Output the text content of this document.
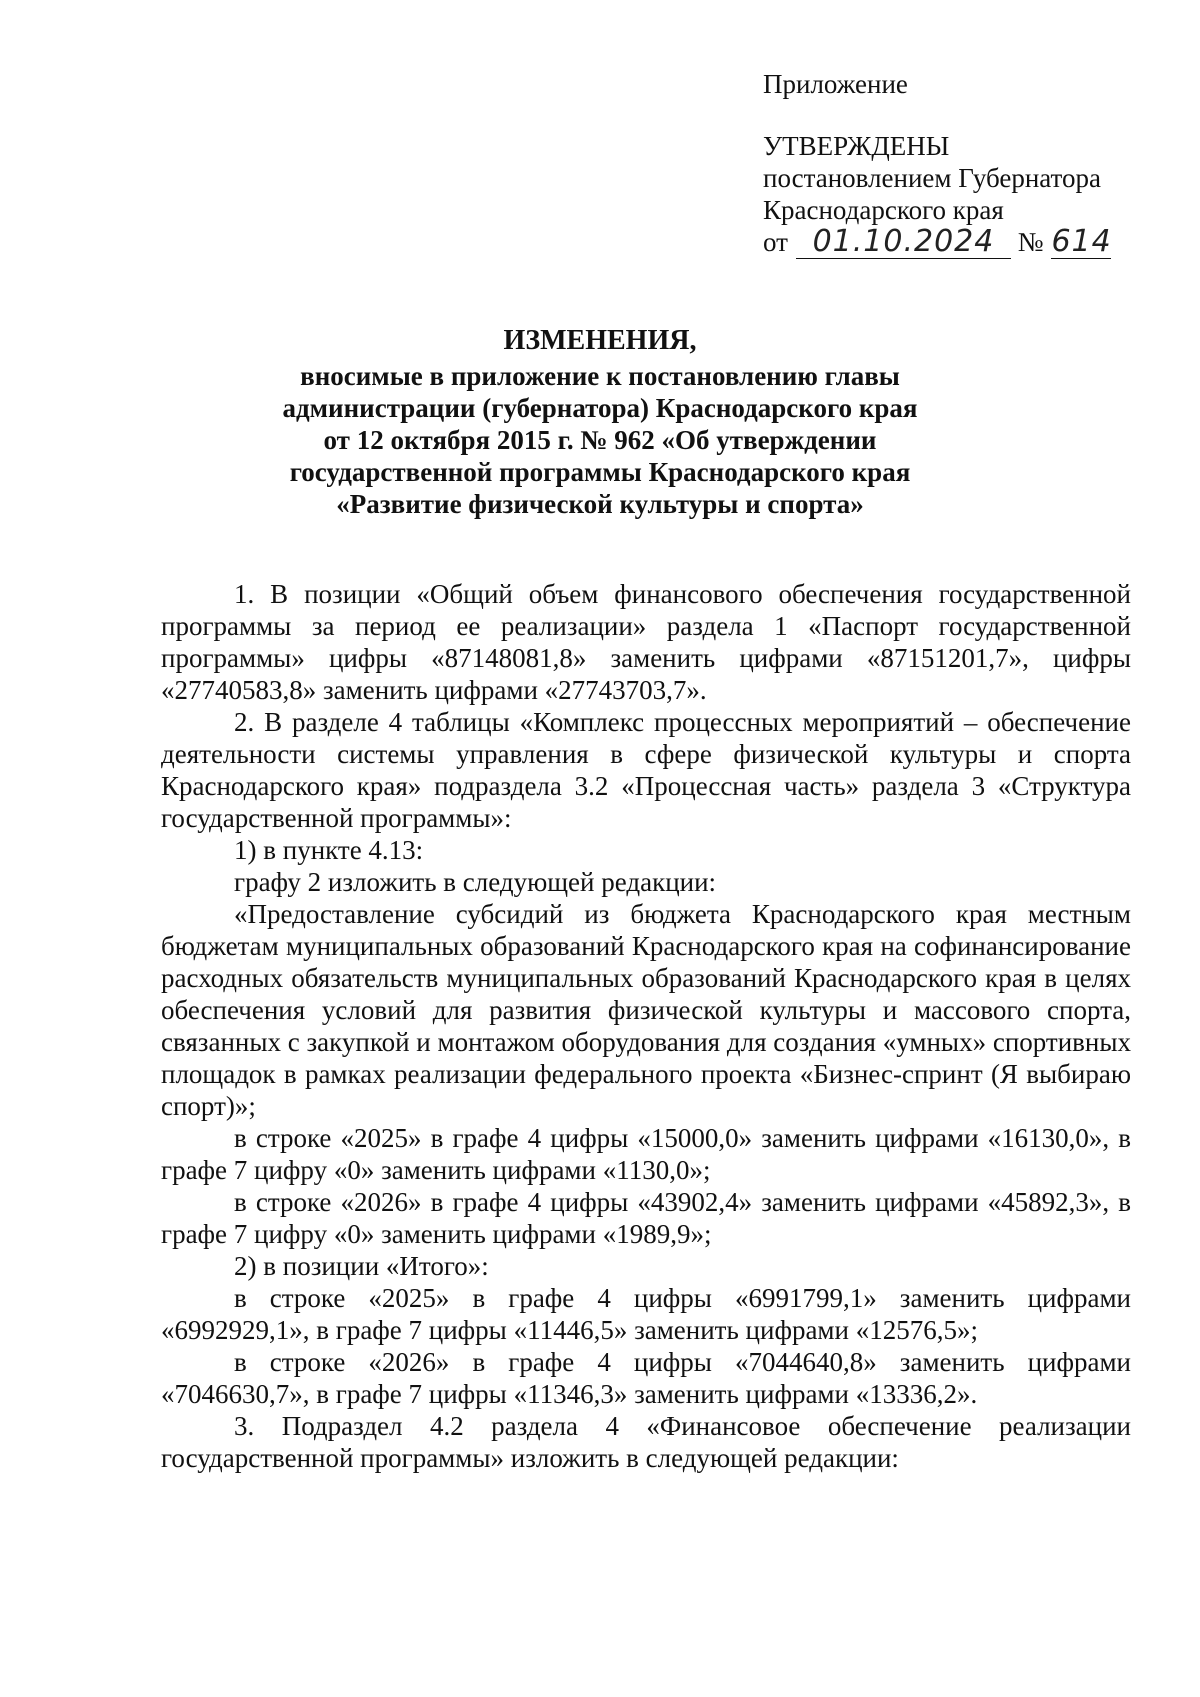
Приложение
УТВЕРЖДЕНЫ
постановлением Губернатора
Краснодарского края
от 01.10.2024 № 614
ИЗМЕНЕНИЯ,
вносимые в приложение к постановлению главы
администрации (губернатора) Краснодарского края
от 12 октября 2015 г. № 962 «Об утверждении
государственной программы Краснодарского края
«Развитие физической культуры и спорта»

1. В позиции «Общий объем финансового обеспечения государственной программы за период ее реализации» раздела 1 «Паспорт государственной программы» цифры «87148081,8» заменить цифрами «87151201,7», цифры «27740583,8» заменить цифрами «27743703,7».

2. В разделе 4 таблицы «Комплекс процессных мероприятий – обеспечение деятельности системы управления в сфере физической культуры и спорта Краснодарского края» подраздела 3.2 «Процессная часть» раздела 3 «Структура государственной программы»:

1) в пункте 4.13:

графу 2 изложить в следующей редакции:

«Предоставление субсидий из бюджета Краснодарского края местным бюджетам муниципальных образований Краснодарского края на софинансирование расходных обязательств муниципальных образований Краснодарского края в целях обеспечения условий для развития физической культуры и массового спорта, связанных с закупкой и монтажом оборудования для создания «умных» спортивных площадок в рамках реализации федерального проекта «Бизнес-спринт (Я выбираю спорт)»;

в строке «2025» в графе 4 цифры «15000,0» заменить цифрами «16130,0», в графе 7 цифру «0» заменить цифрами «1130,0»;

в строке «2026» в графе 4 цифры «43902,4» заменить цифрами «45892,3», в графе 7 цифру «0» заменить цифрами «1989,9»;

2) в позиции «Итого»:

в строке «2025» в графе 4 цифры «6991799,1» заменить цифрами «6992929,1», в графе 7 цифры «11446,5» заменить цифрами «12576,5»;

в строке «2026» в графе 4 цифры «7044640,8» заменить цифрами «7046630,7», в графе 7 цифры «11346,3» заменить цифрами «13336,2».

3. Подраздел 4.2 раздела 4 «Финансовое обеспечение реализации государственной программы» изложить в следующей редакции:
